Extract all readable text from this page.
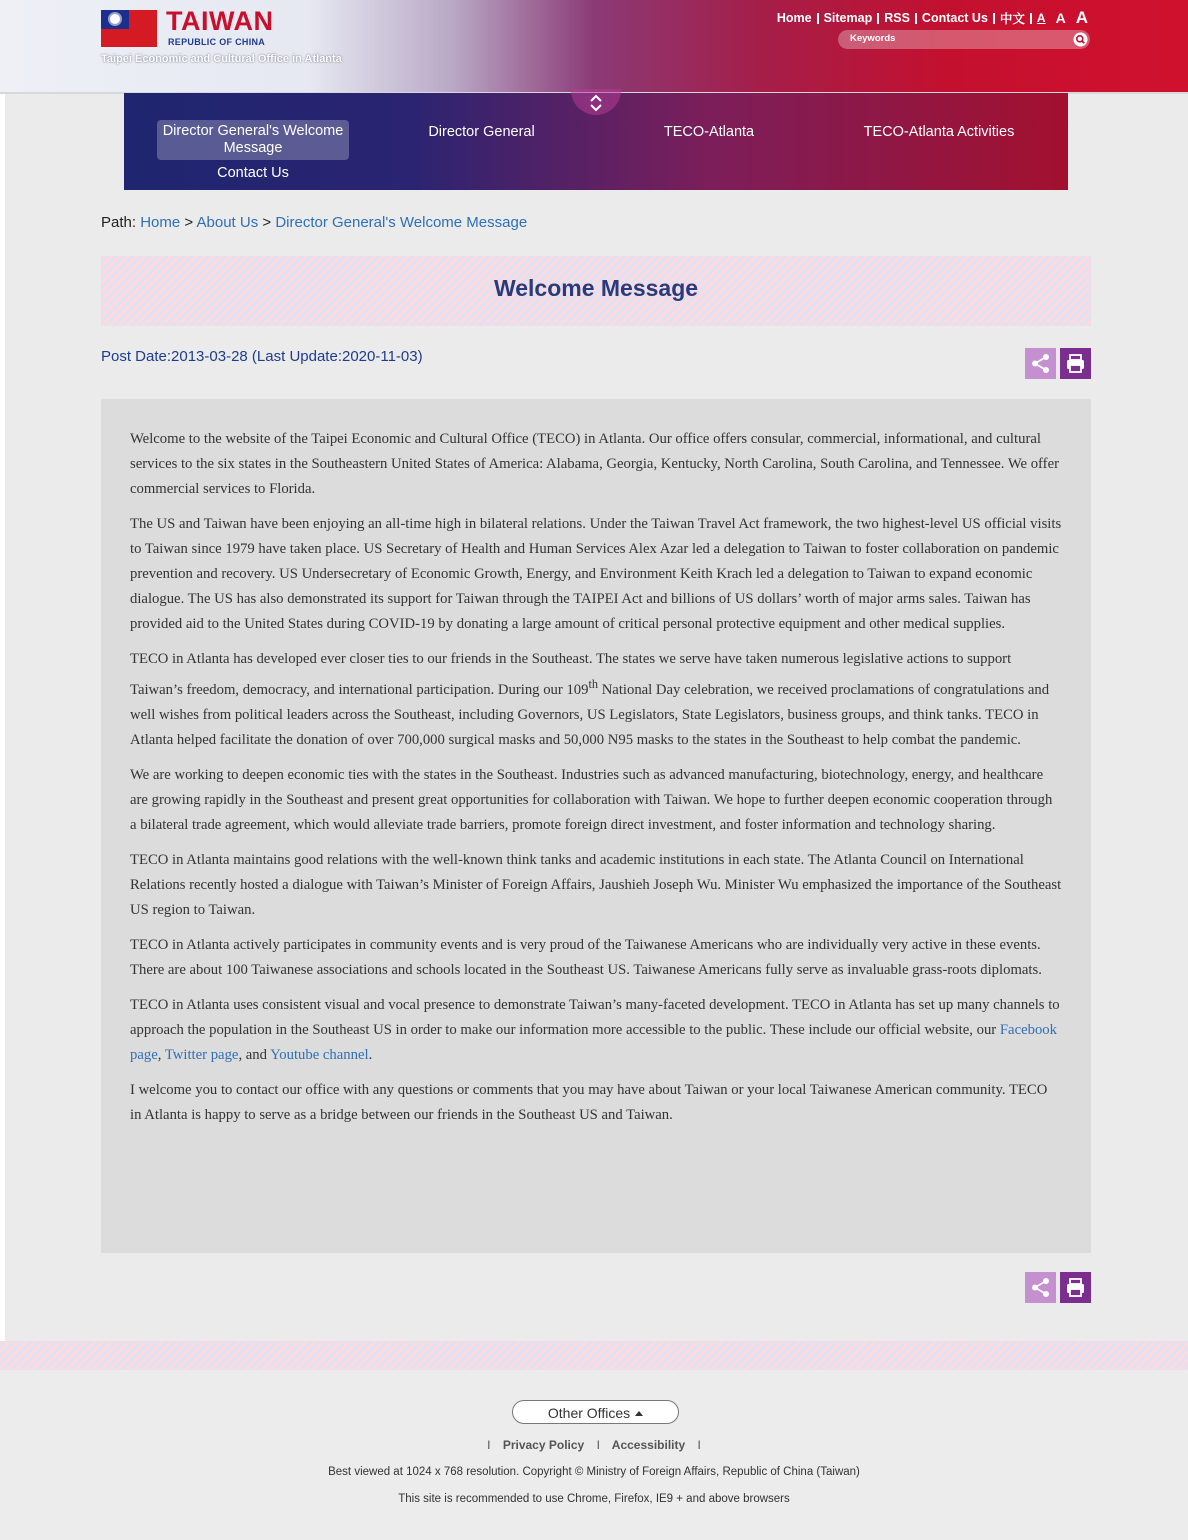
TAIWAN
REPUBLIC OF CHINA
Taipei Economic and Cultural Office in Atlanta
Home Sitemap RSS Contact Us 中文 A A A
Keywords
Director General's Welcome Message
Contact Us
Director General	TECO-Atlanta	TECO-Atlanta Activities
Path: Home > About Us > Director General's Welcome Message
Welcome Message
Post Date:2013-03-28 (Last Update:2020-11-03)

Welcome to the website of the Taipei Economic and Cultural Office (TECO) in Atlanta. Our office offers consular, commercial, informational, and cultural services to the six states in the Southeastern United States of America: Alabama, Georgia, Kentucky, North Carolina, South Carolina, and Tennessee. We offer commercial services to Florida.

The US and Taiwan have been enjoying an all-time high in bilateral relations. Under the Taiwan Travel Act framework, the two highest-level US official visits to Taiwan since 1979 have taken place. US Secretary of Health and Human Services Alex Azar led a delegation to Taiwan to foster collaboration on pandemic prevention and recovery. US Undersecretary of Economic Growth, Energy, and Environment Keith Krach led a delegation to Taiwan to expand economic dialogue. The US has also demonstrated its support for Taiwan through the TAIPEI Act and billions of US dollars’ worth of major arms sales. Taiwan has provided aid to the United States during COVID-19 by donating a large amount of critical personal protective equipment and other medical supplies.

TECO in Atlanta has developed ever closer ties to our friends in the Southeast. The states we serve have taken numerous legislative actions to support Taiwan’s freedom, democracy, and international participation. During our 109th National Day celebration, we received proclamations of congratulations and well wishes from political leaders across the Southeast, including Governors, US Legislators, State Legislators, business groups, and think tanks. TECO in Atlanta helped facilitate the donation of over 700,000 surgical masks and 50,000 N95 masks to the states in the Southeast to help combat the pandemic.

We are working to deepen economic ties with the states in the Southeast. Industries such as advanced manufacturing, biotechnology, energy, and healthcare are growing rapidly in the Southeast and present great opportunities for collaboration with Taiwan. We hope to further deepen economic cooperation through a bilateral trade agreement, which would alleviate trade barriers, promote foreign direct investment, and foster information and technology sharing.

TECO in Atlanta maintains good relations with the well-known think tanks and academic institutions in each state. The Atlanta Council on International Relations recently hosted a dialogue with Taiwan’s Minister of Foreign Affairs, Jaushieh Joseph Wu. Minister Wu emphasized the importance of the Southeast US region to Taiwan.

TECO in Atlanta actively participates in community events and is very proud of the Taiwanese Americans who are individually very active in these events. There are about 100 Taiwanese associations and schools located in the Southeast US. Taiwanese Americans fully serve as invaluable grass-roots diplomats.

TECO in Atlanta uses consistent visual and vocal presence to demonstrate Taiwan’s many-faceted development. TECO in Atlanta has set up many channels to approach the population in the Southeast US in order to make our information more accessible to the public. These include our official website, our Facebook page, Twitter page, and Youtube channel.

I welcome you to contact our office with any questions or comments that you may have about Taiwan or your local Taiwanese American community. TECO in Atlanta is happy to serve as a bridge between our friends in the Southeast US and Taiwan.

Other Offices
I Privacy Policy I Accessibility I
Best viewed at 1024 x 768 resolution. Copyright © Ministry of Foreign Affairs, Republic of China (Taiwan)
This site is recommended to use Chrome, Firefox, IE9 + and above browsers
